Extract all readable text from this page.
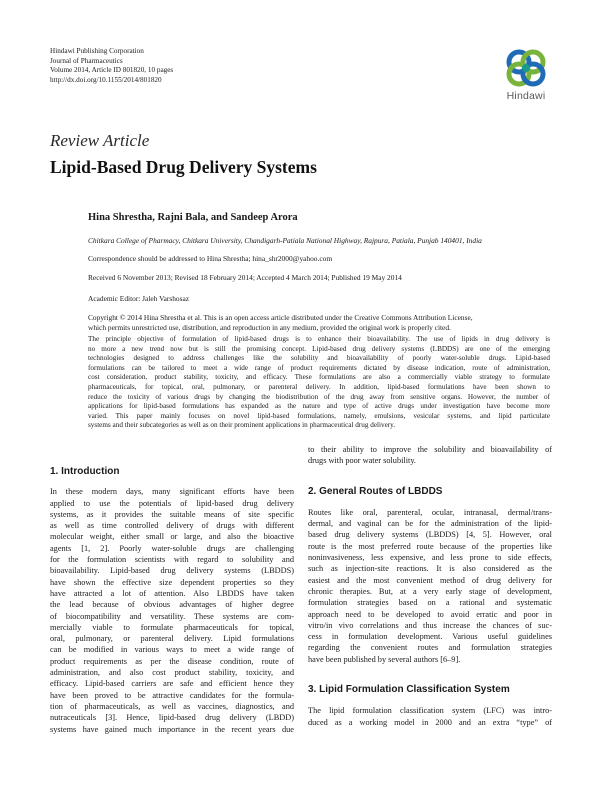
Hindawi Publishing Corporation
Journal of Pharmaceutics
Volume 2014, Article ID 801820, 10 pages
http://dx.doi.org/10.1155/2014/801820
Hindawi
Review Article
Lipid-Based Drug Delivery Systems
Hina Shrestha, Rajni Bala, and Sandeep Arora
Chitkara College of Pharmacy, Chitkara University, Chandigarh-Patiala National Highway, Rajpura, Patiala, Punjab 140401, India
Correspondence should be addressed to Hina Shrestha; hina_shr2000@yahoo.com
Received 6 November 2013; Revised 18 February 2014; Accepted 4 March 2014; Published 19 May 2014
Academic Editor: Jaleh Varshosaz
Copyright © 2014 Hina Shrestha et al. This is an open access article distributed under the Creative Commons Attribution License,
which permits unrestricted use, distribution, and reproduction in any medium, provided the original work is properly cited.
The principle objective of formulation of lipid-based drugs is to enhance their bioavailability. The use of lipids in drug delivery is
no more a new trend now but is still the promising concept. Lipid-based drug delivery systems (LBDDS) are one of the emerging
technologies designed to address challenges like the solubility and bioavailability of poorly water-soluble drugs. Lipid-based
formulations can be tailored to meet a wide range of product requirements dictated by disease indication, route of administration,
cost consideration, product stability, toxicity, and efficacy. These formulations are also a commercially viable strategy to formulate
pharmaceuticals, for topical, oral, pulmonary, or parenteral delivery. In addition, lipid-based formulations have been shown to
reduce the toxicity of various drugs by changing the biodistribution of the drug away from sensitive organs. However, the number of
applications for lipid-based formulations has expanded as the nature and type of active drugs under investigation have become more
varied. This paper mainly focuses on novel lipid-based formulations, namely, emulsions, vesicular systems, and lipid particulate
systems and their subcategories as well as on their prominent applications in pharmaceutical drug delivery.
1. Introduction
In these modern days, many significant efforts have been
applied to use the potentials of lipid-based drug delivery
systems, as it provides the suitable means of site specific
as well as time controlled delivery of drugs with different
molecular weight, either small or large, and also the bioactive
agents [1, 2]. Poorly water-soluble drugs are challenging
for the formulation scientists with regard to solubility and
bioavailability. Lipid-based drug delivery systems (LBDDS)
have shown the effective size dependent properties so they
have attracted a lot of attention. Also LBDDS have taken
the lead because of obvious advantages of higher degree
of biocompatibility and versatility. These systems are com-
mercially viable to formulate pharmaceuticals for topical,
oral, pulmonary, or parenteral delivery. Lipid formulations
can be modified in various ways to meet a wide range of
product requirements as per the disease condition, route of
administration, and also cost product stability, toxicity, and
efficacy. Lipid-based carriers are safe and efficient hence they
have been proved to be attractive candidates for the formula-
tion of pharmaceuticals, as well as vaccines, diagnostics, and
nutraceuticals [3]. Hence, lipid-based drug delivery (LBDD)
systems have gained much importance in the recent years due
to their ability to improve the solubility and bioavailability of
drugs with poor water solubility.
2. General Routes of LBDDS
Routes like oral, parenteral, ocular, intranasal, dermal/trans-
dermal, and vaginal can be for the administration of the lipid-
based drug delivery systems (LBDDS) [4, 5]. However, oral
route is the most preferred route because of the properties like
noninvasiveness, less expensive, and less prone to side effects,
such as injection-site reactions. It is also considered as the
easiest and the most convenient method of drug delivery for
chronic therapies. But, at a very early stage of development,
formulation strategies based on a rational and systematic
approach need to be developed to avoid erratic and poor in
vitro/in vivo correlations and thus increase the chances of suc-
cess in formulation development. Various useful guidelines
regarding the convenient routes and formulation strategies
have been published by several authors [6–9].
3. Lipid Formulation Classification System
The lipid formulation classification system (LFC) was intro-
duced as a working model in 2000 and an extra “type” of
